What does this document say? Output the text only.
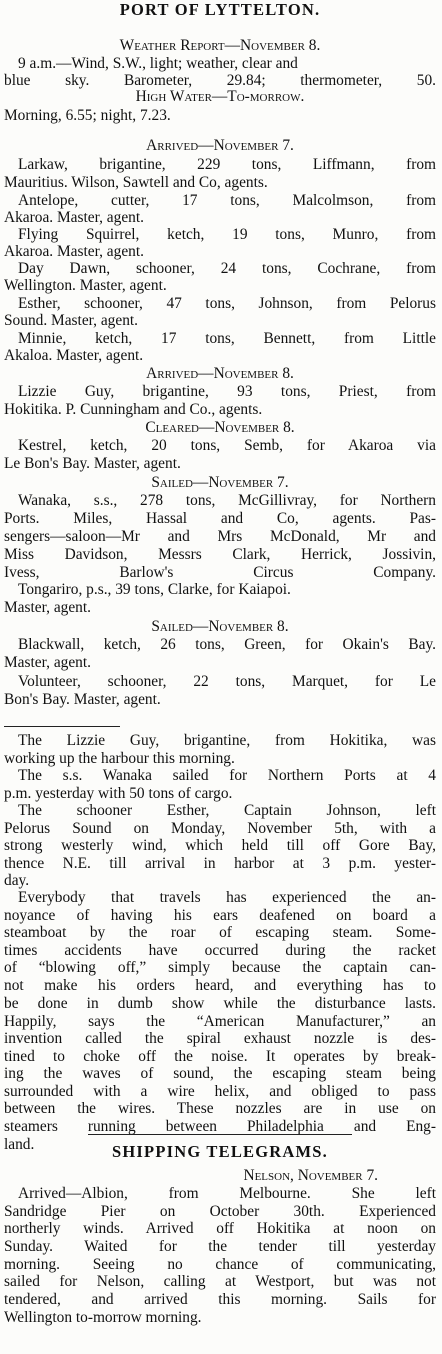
PORT OF LYTTELTON.
Weather Report—November 8.
9 a.m.—Wind, S.W., light; weather, clear and
blue sky. Barometer, 29.84; thermometer, 50.
High Water—To-morrow.
Morning, 6.55; night, 7.23.
Arrived—November 7.
Larkaw, brigantine, 229 tons, Liffmann, from
Mauritius. Wilson, Sawtell and Co, agents.
Antelope, cutter, 17 tons, Malcolmson, from
Akaroa. Master, agent.
Flying Squirrel, ketch, 19 tons, Munro, from
Akaroa. Master, agent.
Day Dawn, schooner, 24 tons, Cochrane, from
Wellington. Master, agent.
Esther, schooner, 47 tons, Johnson, from Pelorus
Sound. Master, agent.
Minnie, ketch, 17 tons, Bennett, from Little
Akaloa. Master, agent.
Arrived—November 8.
Lizzie Guy, brigantine, 93 tons, Priest, from
Hokitika. P. Cunningham and Co., agents.
Cleared—November 8.
Kestrel, ketch, 20 tons, Semb, for Akaroa via
Le Bon's Bay. Master, agent.
Sailed—November 7.
Wanaka, s.s., 278 tons, McGillivray, for Northern
Ports. Miles, Hassal and Co, agents. Pas-
sengers—saloon—Mr and Mrs McDonald, Mr and
Miss Davidson, Messrs Clark, Herrick, Jossivin,
Ivess, Barlow's Circus Company.
Tongariro, p.s., 39 tons, Clarke, for Kaiapoi.
Master, agent.
Sailed—November 8.
Blackwall, ketch, 26 tons, Green, for Okain's Bay.
Master, agent.
Volunteer, schooner, 22 tons, Marquet, for Le
Bon's Bay. Master, agent.
The Lizzie Guy, brigantine, from Hokitika, was
working up the harbour this morning.
The s.s. Wanaka sailed for Northern Ports at 4
p.m. yesterday with 50 tons of cargo.
The schooner Esther, Captain Johnson, left
Pelorus Sound on Monday, November 5th, with a
strong westerly wind, which held till off Gore Bay,
thence N.E. till arrival in harbor at 3 p.m. yester-
day.
Everybody that travels has experienced the an-
noyance of having his ears deafened on board a
steamboat by the roar of escaping steam. Some-
times accidents have occurred during the racket
of “blowing off,” simply because the captain can-
not make his orders heard, and everything has to
be done in dumb show while the disturbance lasts.
Happily, says the “American Manufacturer,” an
invention called the spiral exhaust nozzle is des-
tined to choke off the noise. It operates by break-
ing the waves of sound, the escaping steam being
surrounded with a wire helix, and obliged to pass
between the wires. These nozzles are in use on
steamers running between Philadelphia and Eng-
land.	SHIPPING TELEGRAMS.
Nelson, November 7.
Arrived—Albion, from Melbourne. She left
Sandridge Pier on October 30th. Experienced
northerly winds. Arrived off Hokitika at noon on
Sunday. Waited for the tender till yesterday
morning. Seeing no chance of communicating,
sailed for Nelson, calling at Westport, but was not
tendered, and arrived this morning. Sails for
Wellington to-morrow morning.
